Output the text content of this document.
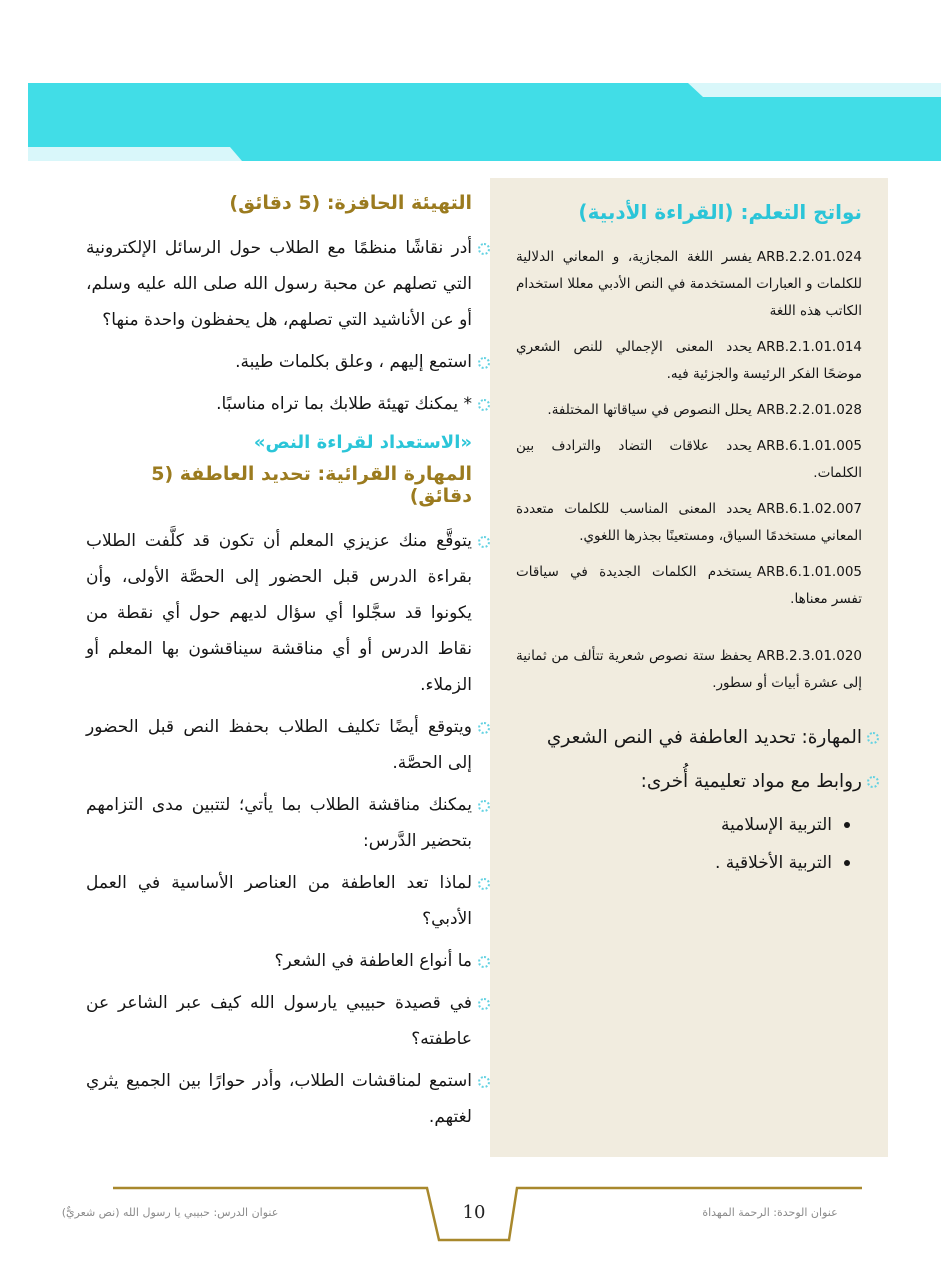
نواتج التعلم: (القراءة الأدبية)
ARB.2.2.01.024يفسر اللغة المجازية، و المعاني الدلالية للكلمات و العبارات المستخدمة في النص الأدبي معللا استخدام الكاتب هذه اللغة
ARB.2.1.01.014يحدد المعنى الإجمالي للنص الشعري موضحًا الفكر الرئيسة والجزئية فيه.
ARB.2.2.01.028يحلل النصوص في سياقاتها المختلفة.
ARB.6.1.01.005يحدد علاقات التضاد والترادف بين الكلمات.
ARB.6.1.02.007يحدد المعنى المناسب للكلمات متعددة المعاني مستخدمًا السياق، ومستعينًا بجذرها اللغوي.
ARB.6.1.01.005يستخدم الكلمات الجديدة في سياقات تفسر معناها.
ARB.2.3.01.020يحفظ ستة نصوص شعرية تتألف من ثمانية إلى عشرة أبيات أو سطور.
المهارة: تحديد العاطفة في النص الشعري
روابط مع مواد تعليمية أُخرى:
التربية الإسلامية
التربية الأخلاقية .
التهيئة الحافزة: (5 دقائق)
أدر نقاشًا منظمًا مع الطلاب حول الرسائل الإلكترونية التي تصلهم عن محبة رسول الله صلى الله عليه وسلم، أو عن الأناشيد التي تصلهم، هل يحفظون واحدة منها؟
استمع إليهم ، وعلق بكلمات طيبة.
* يمكنك تهيئة طلابك بما تراه مناسبًا.
«الاستعداد لقراءة النص»
المهارة القرائية: تحديد العاطفة (5 دقائق)
يتوقَّع منك عزيزي المعلم أن تكون قد كلَّفت الطلاب بقراءة الدرس قبل الحضور إلى الحصَّة الأولى، وأن يكونوا قد سجَّلوا أي سؤال لديهم حول أي نقطة من نقاط الدرس أو أي مناقشة سيناقشون بها المعلم أو الزملاء.
ويتوقع أيضًا تكليف الطلاب بحفظ النص قبل الحضور إلى الحصَّة.
يمكنك مناقشة الطلاب بما يأتي؛ لتتبين مدى التزامهم بتحضير الدَّرس:
لماذا تعد العاطفة من العناصر الأساسية في العمل الأدبي؟
ما أنواع العاطفة في الشعر؟
في قصيدة حبيبي يارسول الله كيف عبر الشاعر عن عاطفته؟
استمع لمناقشات الطلاب، وأدر حوارًا بين الجميع يثري لغتهم.
10
عنوان الدرس: حبيبي يا رسول الله (نص شعريٌّ)	عنوان الوحدة: الرحمة المهداة
